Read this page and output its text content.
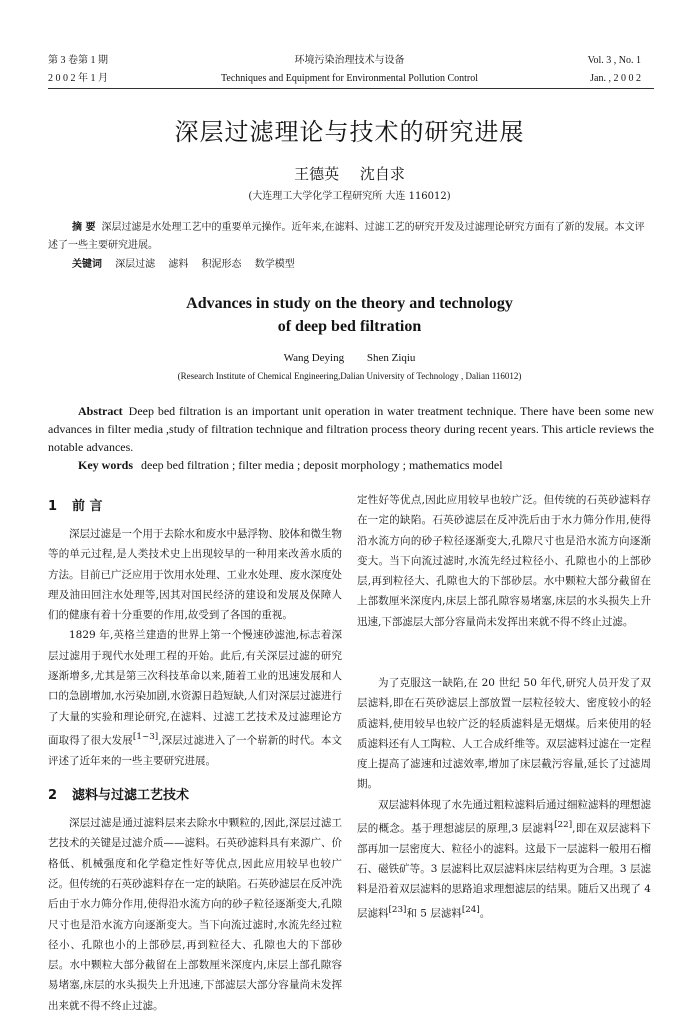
第 3 卷第 1 期
2 0 0 2 年 1 月
环境污染治理技术与设备
Techniques and Equipment for Environmental Pollution Control
Vol. 3 , No. 1
Jan. , 2 0 0 2
深层过滤理论与技术的研究进展
王德英 沈自求
(大连理工大学化学工程研究所 大连 116012)
摘 要 深层过滤是水处理工艺中的重要单元操作。近年来,在滤料、过滤工艺的研究开发及过滤理论研究方面有了新的发展。本文评述了一些主要研究进展。
关键词 深层过滤 滤料 积泥形态 数学模型
Advances in study on the theory and technology
of deep bed filtration
Wang Deying Shen Ziqiu
(Research Institute of Chemical Engineering,Dalian University of Technology , Dalian 116012)
Abstract Deep bed filtration is an important unit operation in water treatment technique. There have been some new advances in filter media ,study of filtration technique and filtration process theory during recent years. This article reviews the notable advances.
Key words deep bed filtration ; filter media ; deposit morphology ; mathematics model
1 前 言

深层过滤是一个用于去除水和废水中悬浮物、胶体和微生物等的单元过程,是人类技术史上出现较早的一种用来改善水质的方法。目前已广泛应用于饮用水处理、工业水处理、废水深度处理及油田回注水处理等,因其对国民经济的建设和发展及保障人们的健康有着十分重要的作用,故受到了各国的重视。

1829 年,英格兰建造的世界上第一个慢速砂滤池,标志着深层过滤用于现代水处理工程的开始。此后,有关深层过滤的研究逐渐增多,尤其是第三次科技革命以来,随着工业的迅速发展和人口的急剧增加,水污染加剧,水资源日趋短缺,人们对深层过滤进行了大量的实验和理论研究,在滤料、过滤工艺技术及过滤理论方面取得了很大发展[1~3],深层过滤进入了一个崭新的时代。本文评述了近年来的一些主要研究进展。

2 滤料与过滤工艺技术

深层过滤是通过滤料层来去除水中颗粒的,因此,深层过滤工艺技术的关键是过滤介质——滤料。石英砂滤料具有来源广、价格低、机械强度和化学稳定性好等优点,因此应用较早也较广泛。但传统的石英砂滤料存在一定的缺陷。石英砂滤层在反冲洗后由于水力筛分作用,使得沿水流方向的砂子粒径逐渐变大,孔隙尺寸也是沿水流方向逐渐变大。当下向流过滤时,水流先经过粒径小、孔隙也小的上部砂层,再到粒径大、孔隙也大的下部砂层。水中颗粒大部分截留在上部数厘米深度内,床层上部孔隙容易堵塞,床层的水头损失上升迅速,下部滤层大部分容量尚未发挥出来就不得不终止过滤。

定性好等优点,因此应用较早也较广泛。但传统的石英砂滤料存在一定的缺陷。石英砂滤层在反冲洗后由于水力筛分作用,使得沿水流方向的砂子粒径逐渐变大,孔隙尺寸也是沿水流方向逐渐变大。当下向流过滤时,水流先经过粒径小、孔隙也小的上部砂层,再到粒径大、孔隙也大的下部砂层。水中颗粒大部分截留在上部数厘米深度内,床层上部孔隙容易堵塞,床层的水头损失上升迅速,下部滤层大部分容量尚未发挥出来就不得不终止过滤。

为了克服这一缺陷,在 20 世纪 50 年代,研究人员开发了双层滤料,即在石英砂滤层上部放置一层粒径较大、密度较小的轻质滤料,使用较早也较广泛的轻质滤料是无烟煤。后来使用的轻质滤料还有人工陶粒、人工合成纤维等。双层滤料过滤在一定程度上提高了滤速和过滤效率,增加了床层截污容量,延长了过滤周期。

双层滤料体现了水先通过粗粒滤料后通过细粒滤料的理想滤层的概念。基于理想滤层的原理,3 层滤料[22],即在双层滤料下部再加一层密度大、粒径小的滤料。这最下一层滤料一般用石榴石、磁铁矿等。3 层滤料比双层滤料床层结构更为合理。3 层滤料是沿着双层滤料的思路追求理想滤层的结果。随后又出现了 4 层滤料[23]和 5 层滤料[24]。
